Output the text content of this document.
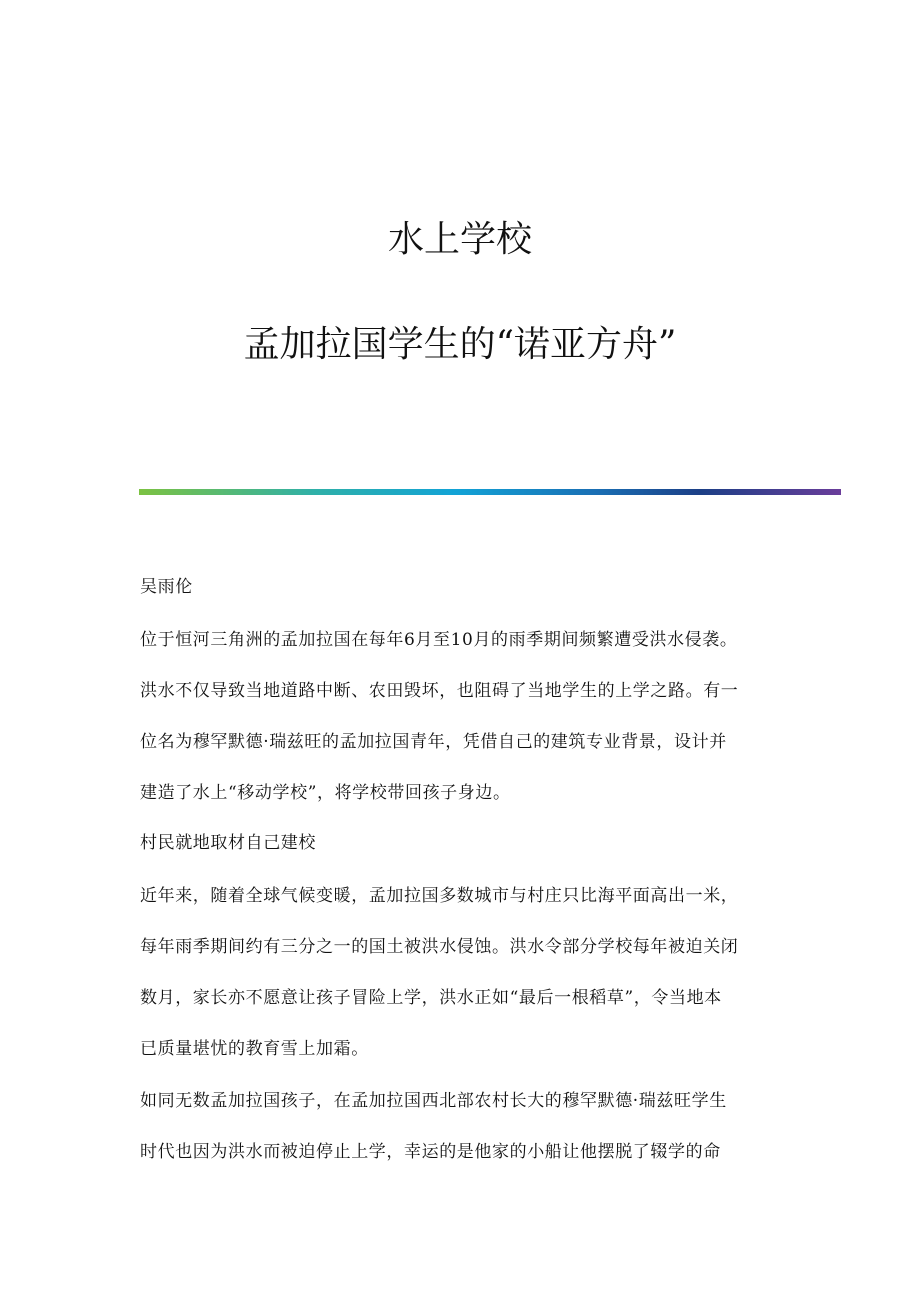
水上学校
孟加拉国学生的“诺亚方舟”
吴雨伦
位于恒河三角洲的孟加拉国在每年6月至10月的雨季期间频繁遭受洪水侵袭。
洪水不仅导致当地道路中断、农田毁坏，也阻碍了当地学生的上学之路。有一
位名为穆罕默德·瑞兹旺的孟加拉国青年，凭借自己的建筑专业背景，设计并
建造了水上“移动学校”，将学校带回孩子身边。
村民就地取材自己建校
近年来，随着全球气候变暖，孟加拉国多数城市与村庄只比海平面高出一米，
每年雨季期间约有三分之一的国土被洪水侵蚀。洪水令部分学校每年被迫关闭
数月，家长亦不愿意让孩子冒险上学，洪水正如“最后一根稻草”，令当地本
已质量堪忧的教育雪上加霜。
如同无数孟加拉国孩子，在孟加拉国西北部农村长大的穆罕默德·瑞兹旺学生
时代也因为洪水而被迫停止上学，幸运的是他家的小船让他摆脱了辍学的命
